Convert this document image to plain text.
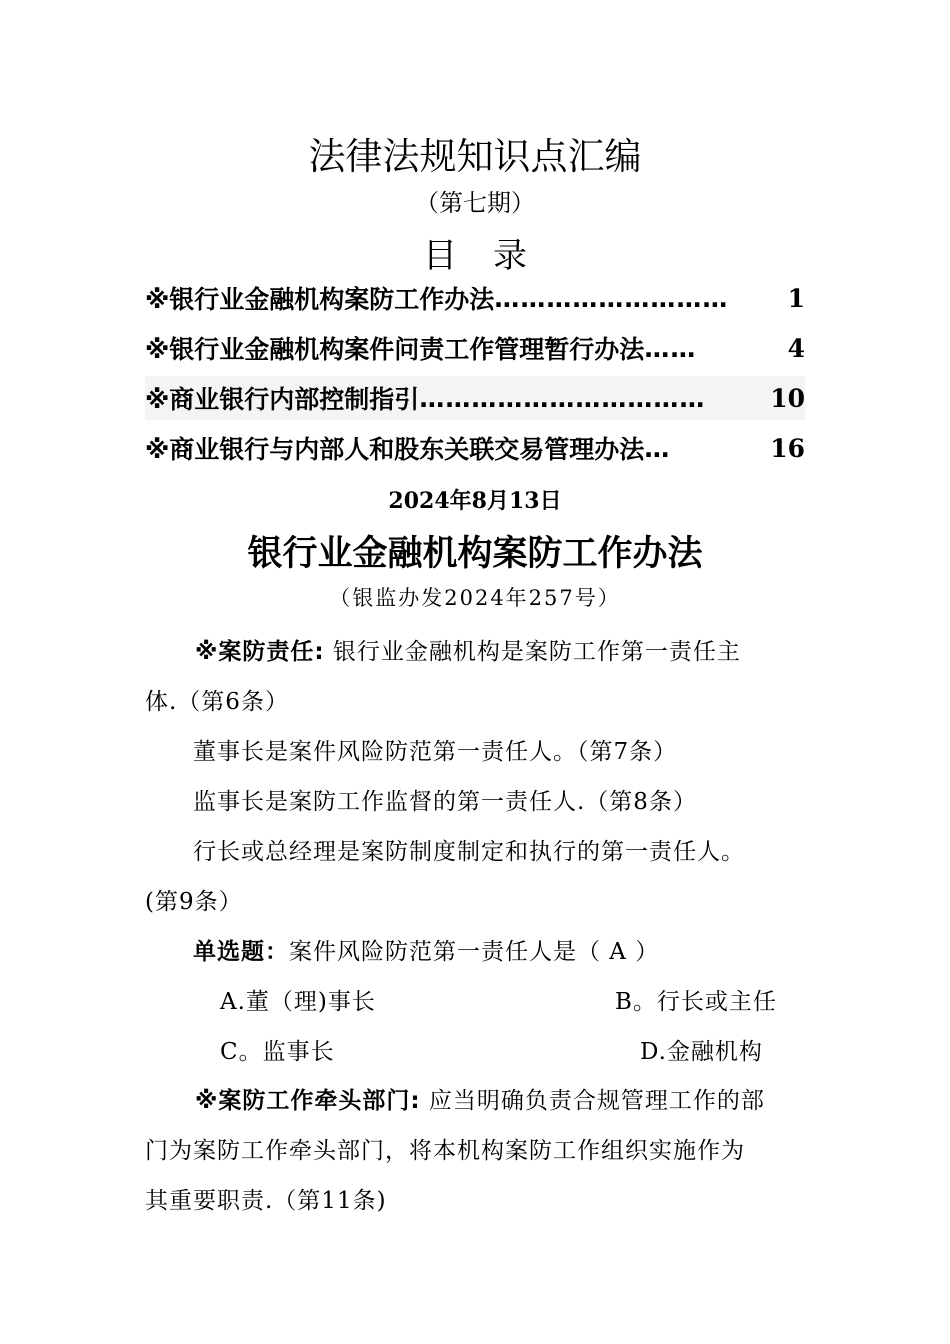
法律法规知识点汇编
（第七期）
目录
※银行业金融机构案防工作办法 ………………………	1
※银行业金融机构案件问责工作管理暂行办法 ……	4
※商业银行内部控制指引 ……………………………	10
※商业银行与内部人和股东关联交易管理办法 …	16
2024年8月13日
银行业金融机构案防工作办法
（银监办发2024年257号）
※案防责任: 银行业金融机构是案防工作第一责任主
体.（第6条）
董事长是案件风险防范第一责任人。（第7条）
监事长是案防工作监督的第一责任人.（第8条）
行长或总经理是案防制度制定和执行的第一责任人。
(第9条）
单选题：案件风险防范第一责任人是（ A ）
A.董（理)事长	B。行长或主任
C。监事长	D.金融机构
※案防工作牵头部门: 应当明确负责合规管理工作的部
门为案防工作牵头部门，将本机构案防工作组织实施作为
其重要职责.（第11条)
